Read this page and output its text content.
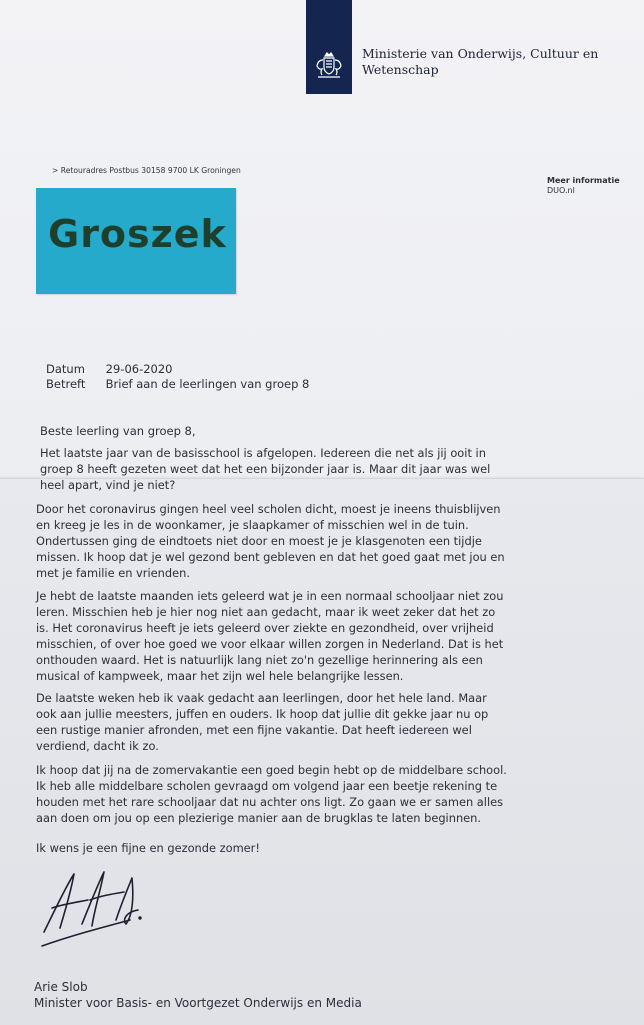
Ministerie van Onderwijs, Cultuur en
Wetenschap
> Retouradres Postbus 30158 9700 LK Groningen
Meer informatie
DUO.nl
Groszek
Datum 29-06-2020
Betreft Brief aan de leerlingen van groep 8
Beste leerling van groep 8,
Het laatste jaar van de basisschool is afgelopen. Iedereen die net als jij ooit in
groep 8 heeft gezeten weet dat het een bijzonder jaar is. Maar dit jaar was wel
heel apart, vind je niet?
Door het coronavirus gingen heel veel scholen dicht, moest je ineens thuisblijven
en kreeg je les in de woonkamer, je slaapkamer of misschien wel in de tuin.
Ondertussen ging de eindtoets niet door en moest je je klasgenoten een tijdje
missen. Ik hoop dat je wel gezond bent gebleven en dat het goed gaat met jou en
met je familie en vrienden.
Je hebt de laatste maanden iets geleerd wat je in een normaal schooljaar niet zou
leren. Misschien heb je hier nog niet aan gedacht, maar ik weet zeker dat het zo
is. Het coronavirus heeft je iets geleerd over ziekte en gezondheid, over vrijheid
misschien, of over hoe goed we voor elkaar willen zorgen in Nederland. Dat is het
onthouden waard. Het is natuurlijk lang niet zo'n gezellige herinnering als een
musical of kampweek, maar het zijn wel hele belangrijke lessen.
De laatste weken heb ik vaak gedacht aan leerlingen, door het hele land. Maar
ook aan jullie meesters, juffen en ouders. Ik hoop dat jullie dit gekke jaar nu op
een rustige manier afronden, met een fijne vakantie. Dat heeft iedereen wel
verdiend, dacht ik zo.
Ik hoop dat jij na de zomervakantie een goed begin hebt op de middelbare school.
Ik heb alle middelbare scholen gevraagd om volgend jaar een beetje rekening te
houden met het rare schooljaar dat nu achter ons ligt. Zo gaan we er samen alles
aan doen om jou op een plezierige manier aan de brugklas te laten beginnen.
Ik wens je een fijne en gezonde zomer!
Arie Slob
Minister voor Basis- en Voortgezet Onderwijs en Media
